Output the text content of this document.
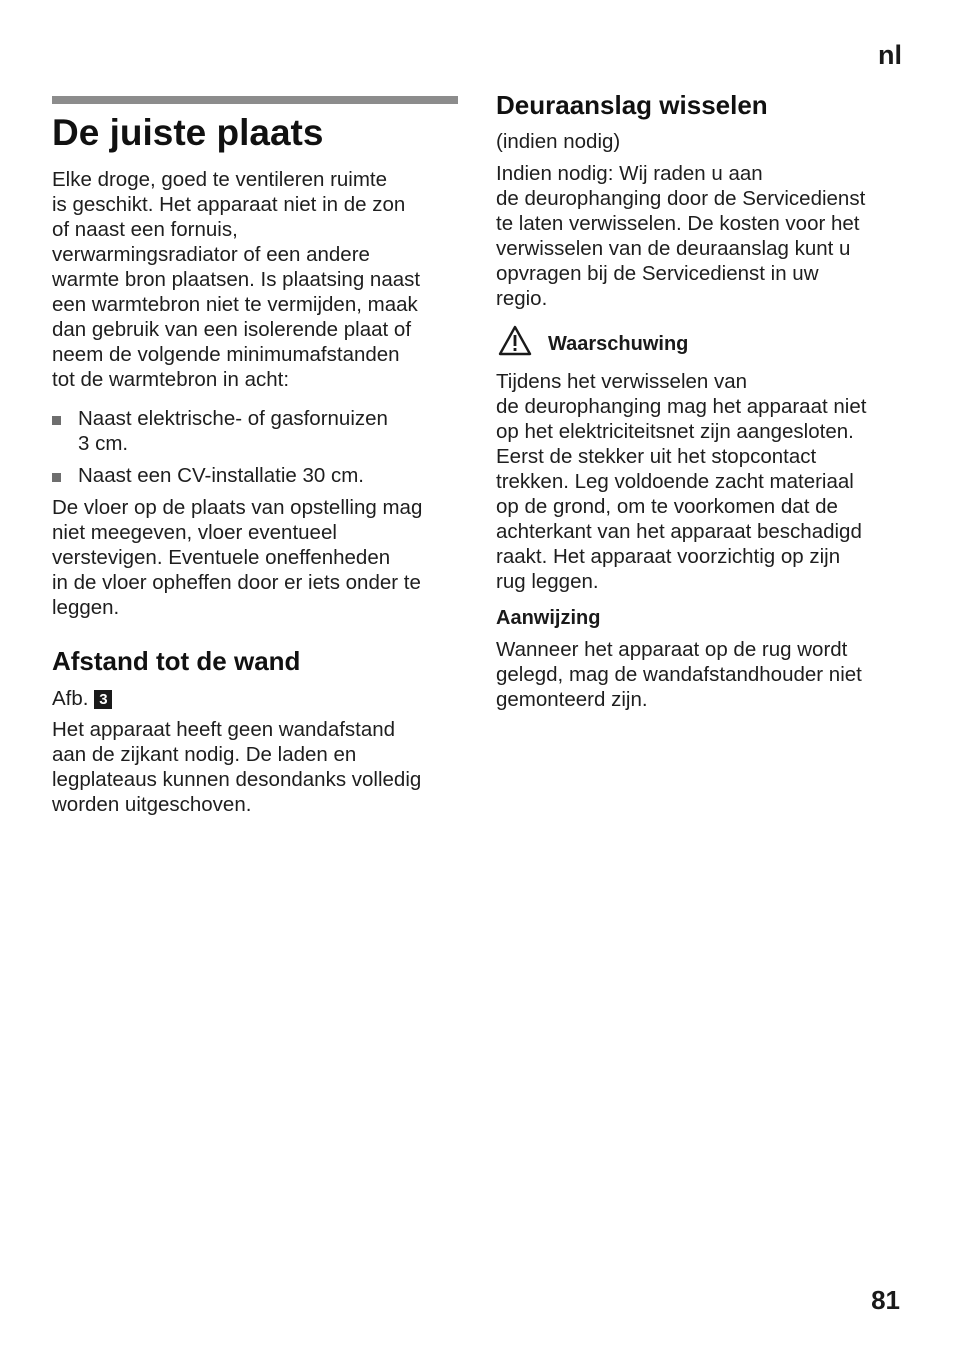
nl
De juiste plaats

Elke droge, goed te ventileren ruimte
is geschikt. Het apparaat niet in de zon
of naast een fornuis,
verwarmingsradiator of een andere
warmte bron plaatsen. Is plaatsing naast
een warmtebron niet te vermijden, maak
dan gebruik van een isolerende plaat of
neem de volgende minimumafstanden
tot de warmtebron in acht:

Naast elektrische- of gasfornuizen
3 cm.
Naast een CV-installatie 30 cm.

De vloer op de plaats van opstelling mag
niet meegeven, vloer eventueel
verstevigen. Eventuele oneffenheden
in de vloer opheffen door er iets onder te
leggen.

Afstand tot de wand

Afb. 3

Het apparaat heeft geen wandafstand
aan de zijkant nodig. De laden en
legplateaus kunnen desondanks volledig
worden uitgeschoven.

Deuraanslag wisselen

(indien nodig)

Indien nodig: Wij raden u aan
de deurophanging door de Servicedienst
te laten verwisselen. De kosten voor het
verwisselen van de deuraanslag kunt u
opvragen bij de Servicedienst in uw
regio.

Waarschuwing

Tijdens het verwisselen van
de deurophanging mag het apparaat niet
op het elektriciteitsnet zijn aangesloten.
Eerst de stekker uit het stopcontact
trekken. Leg voldoende zacht materiaal
op de grond, om te voorkomen dat de
achterkant van het apparaat beschadigd
raakt. Het apparaat voorzichtig op zijn
rug leggen.

Aanwijzing

Wanneer het apparaat op de rug wordt
gelegd, mag de wandafstandhouder niet
gemonteerd zijn.

81
